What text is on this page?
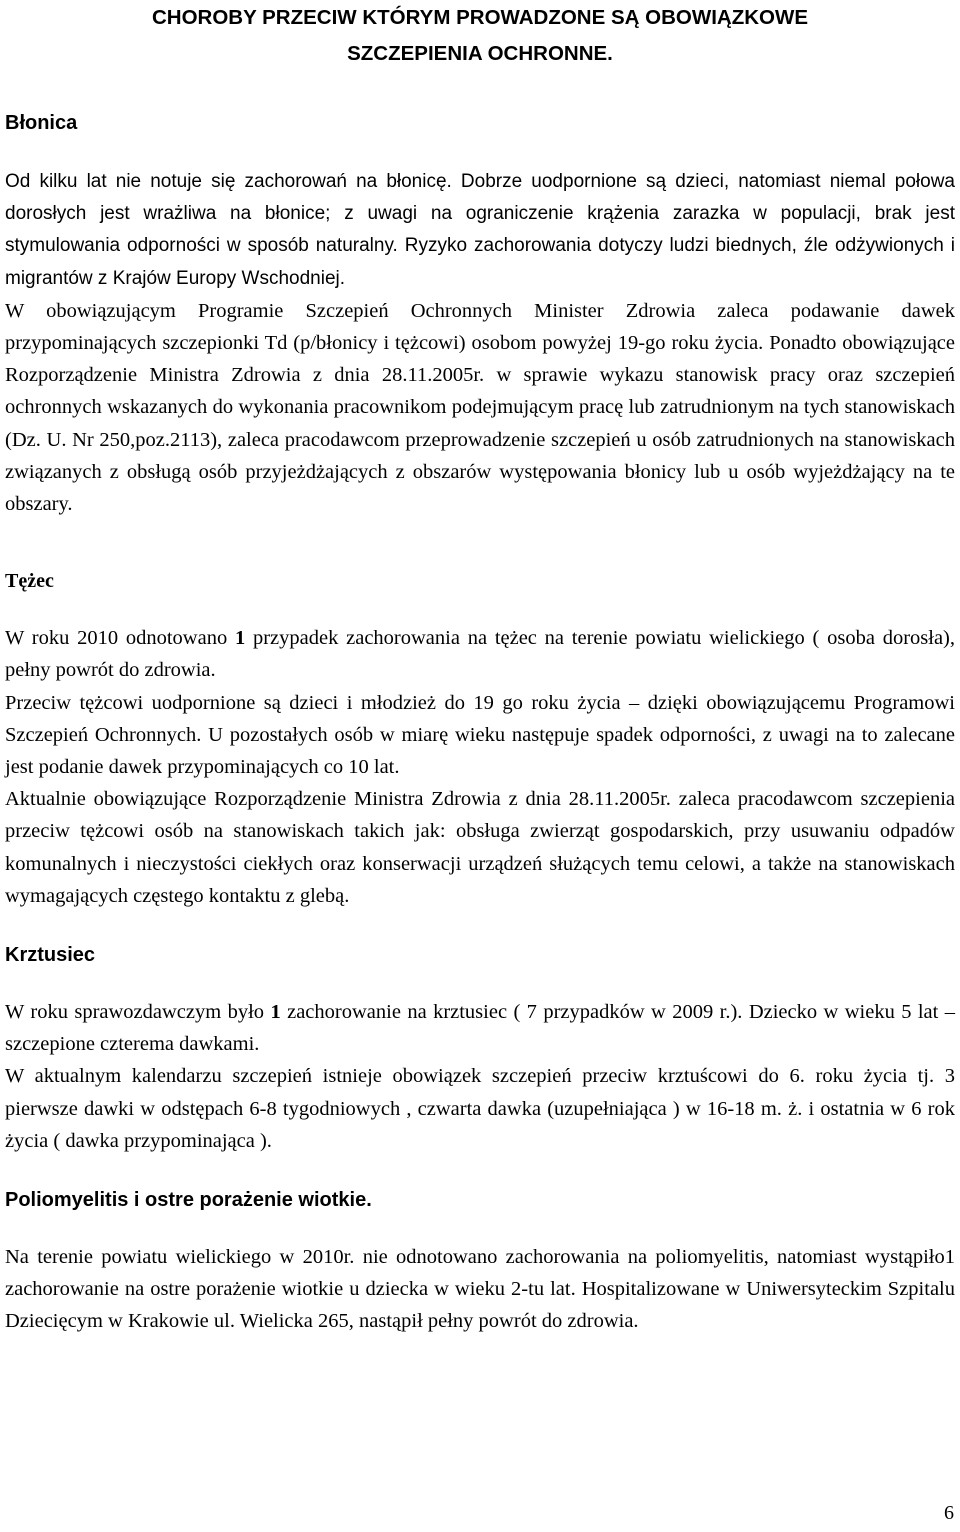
CHOROBY PRZECIW KTÓRYM PROWADZONE SĄ OBOWIĄZKOWE
SZCZEPIENIA OCHRONNE.
Błonica

Od kilku lat nie notuje się zachorowań na błonicę. Dobrze uodpornione są dzieci, natomiast niemal połowa dorosłych jest wrażliwa na błonice; z uwagi na ograniczenie krążenia zarazka w populacji, brak jest stymulowania odporności w sposób naturalny. Ryzyko zachorowania dotyczy ludzi biednych, źle odżywionych i migrantów z Krajów Europy Wschodniej.

W obowiązującym Programie Szczepień Ochronnych Minister Zdrowia zaleca podawanie dawek przypominających szczepionki Td (p/błonicy i tężcowi) osobom powyżej 19-go roku życia. Ponadto obowiązujące Rozporządzenie Ministra Zdrowia z dnia 28.11.2005r. w sprawie wykazu stanowisk pracy oraz szczepień ochronnych wskazanych do wykonania pracownikom podejmującym pracę lub zatrudnionym na tych stanowiskach (Dz. U. Nr 250,poz.2113), zaleca pracodawcom przeprowadzenie szczepień u osób zatrudnionych na stanowiskach związanych z obsługą osób przyjeżdżających z obszarów występowania błonicy lub u osób wyjeżdżający na te obszary.

Tężec

W roku 2010 odnotowano 1 przypadek zachorowania na tężec na terenie powiatu wielickiego ( osoba dorosła), pełny powrót do zdrowia.

Przeciw tężcowi uodpornione są dzieci i młodzież do 19 go roku życia – dzięki obowiązującemu Programowi Szczepień Ochronnych. U pozostałych osób w miarę wieku następuje spadek odporności, z uwagi na to zalecane jest podanie dawek przypominających co 10 lat.

Aktualnie obowiązujące Rozporządzenie Ministra Zdrowia z dnia 28.11.2005r. zaleca pracodawcom szczepienia przeciw tężcowi osób na stanowiskach takich jak: obsługa zwierząt gospodarskich, przy usuwaniu odpadów komunalnych i nieczystości ciekłych oraz konserwacji urządzeń służących temu celowi, a także na stanowiskach wymagających częstego kontaktu z glebą.

Krztusiec

W roku sprawozdawczym było 1 zachorowanie na krztusiec ( 7 przypadków w 2009 r.). Dziecko w wieku 5 lat – szczepione czterema dawkami.

W aktualnym kalendarzu szczepień istnieje obowiązek szczepień przeciw krztuścowi do 6. roku życia tj. 3 pierwsze dawki w odstępach 6-8 tygodniowych , czwarta dawka (uzupełniająca ) w 16-18 m. ż. i ostatnia w 6 rok życia ( dawka przypominająca ).

Poliomyelitis i ostre porażenie wiotkie.

Na terenie powiatu wielickiego w 2010r. nie odnotowano zachorowania na poliomyelitis, natomiast wystąpiło1 zachorowanie na ostre porażenie wiotkie u dziecka w wieku 2-tu lat. Hospitalizowane w Uniwersyteckim Szpitalu Dziecięcym w Krakowie ul. Wielicka 265, nastąpił pełny powrót do zdrowia.

6
